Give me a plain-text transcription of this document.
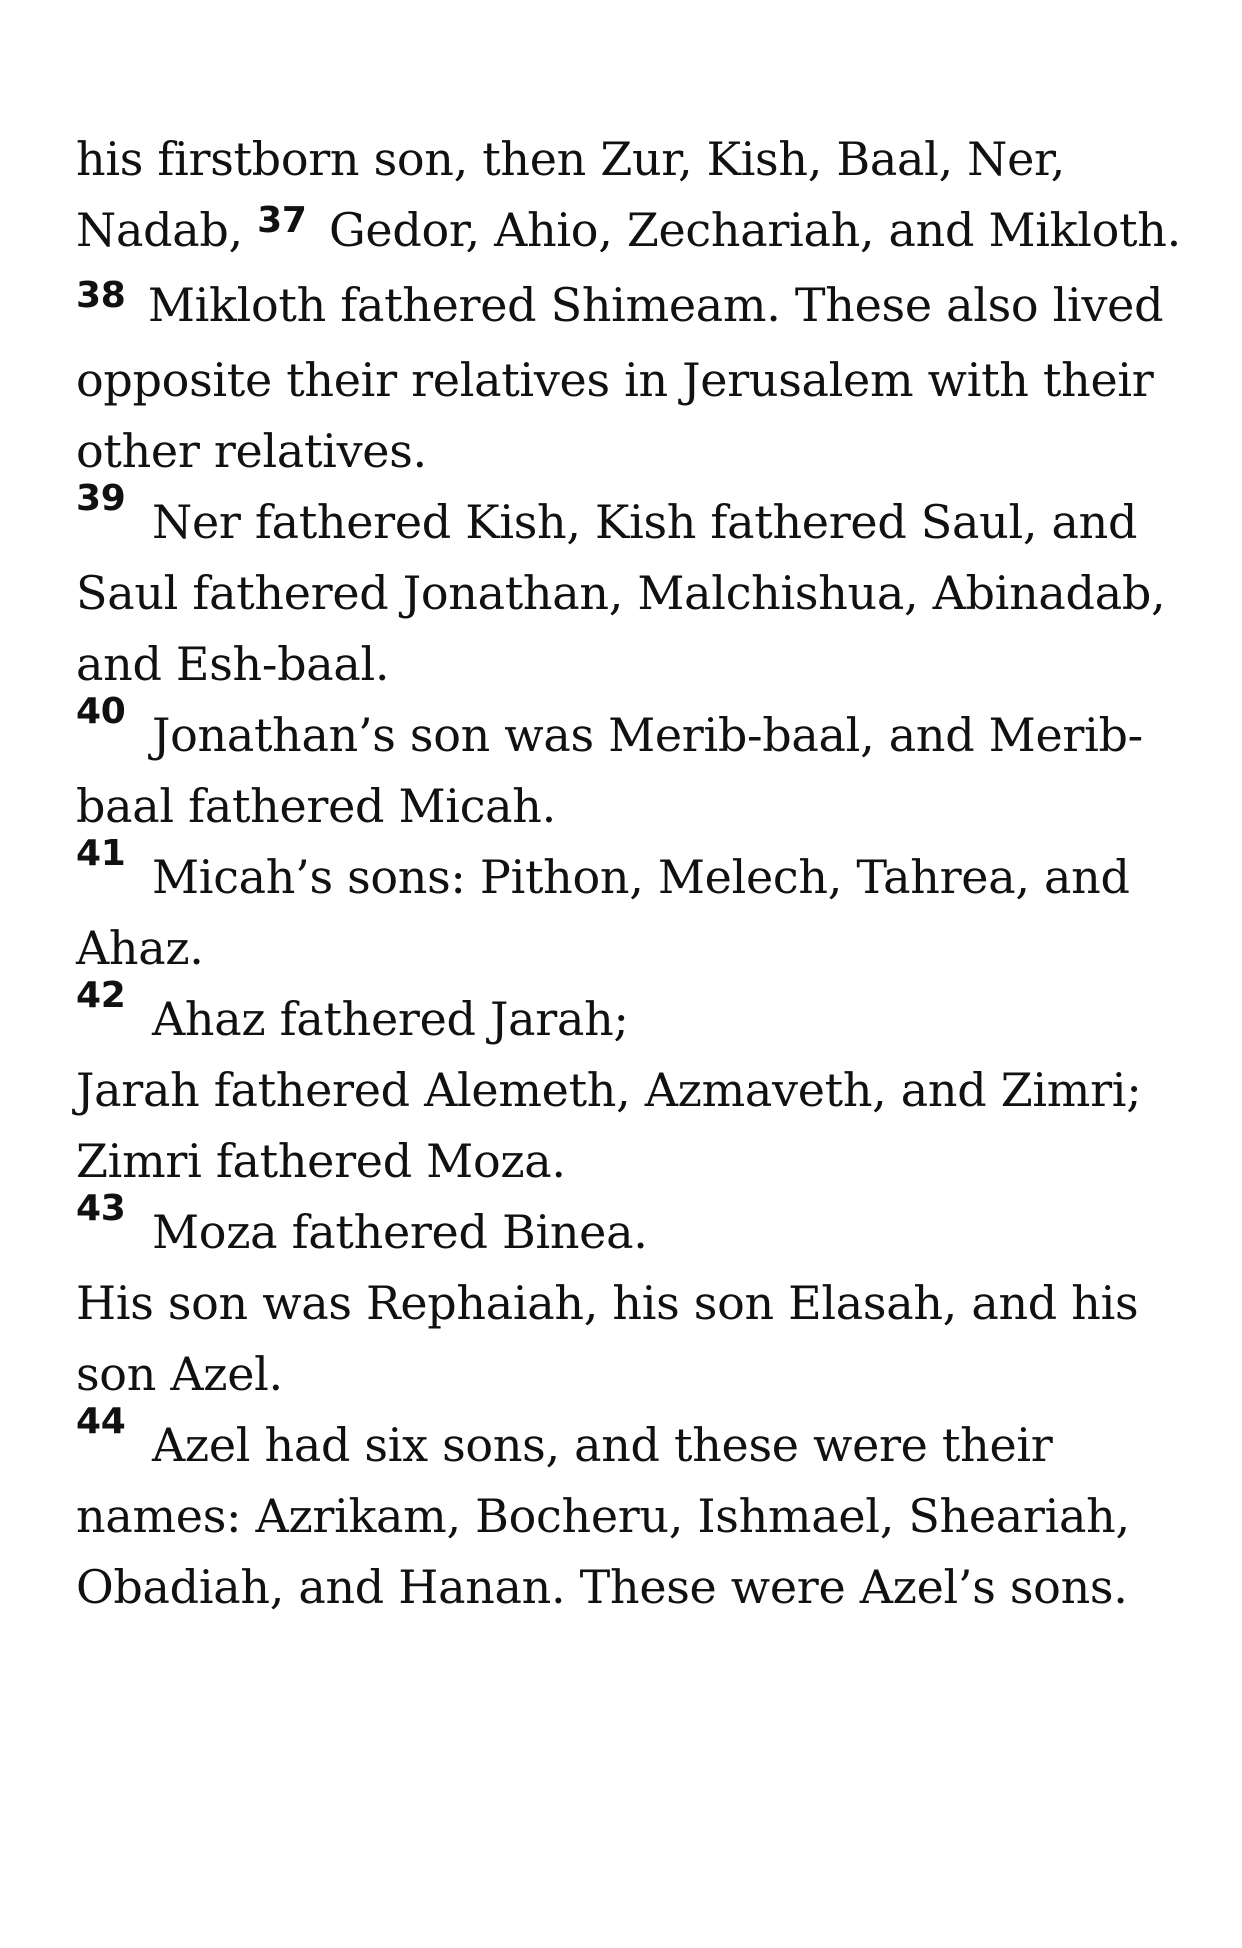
his firstborn son, then Zur, Kish, Baal, Ner, Nadab, $^{37}$ Gedor, Ahio, Zechariah, and Mikloth. $^{38}$ Mikloth fathered Shimeam. These also lived opposite their relatives in Jerusalem with their other relatives.

39 Ner fathered Kish, Kish fathered Saul, and Saul fathered Jonathan, Malchishua, Abinadab, and Esh-baal.

40 Jonathan’s son was Merib-baal, and Merib-baal fathered Micah.

41 Micah’s sons: Pithon, Melech, Tahrea, and Ahaz.

42 Ahaz fathered Jarah;

Jarah fathered Alemeth, Azmaveth, and Zimri;

Zimri fathered Moza.

43 Moza fathered Binea.

His son was Rephaiah, his son Elasah, and his son Azel.

44 Azel had six sons, and these were their names: Azrikam, Bocheru, Ishmael, Sheariah, Obadiah, and Hanan. These were Azel’s sons.
